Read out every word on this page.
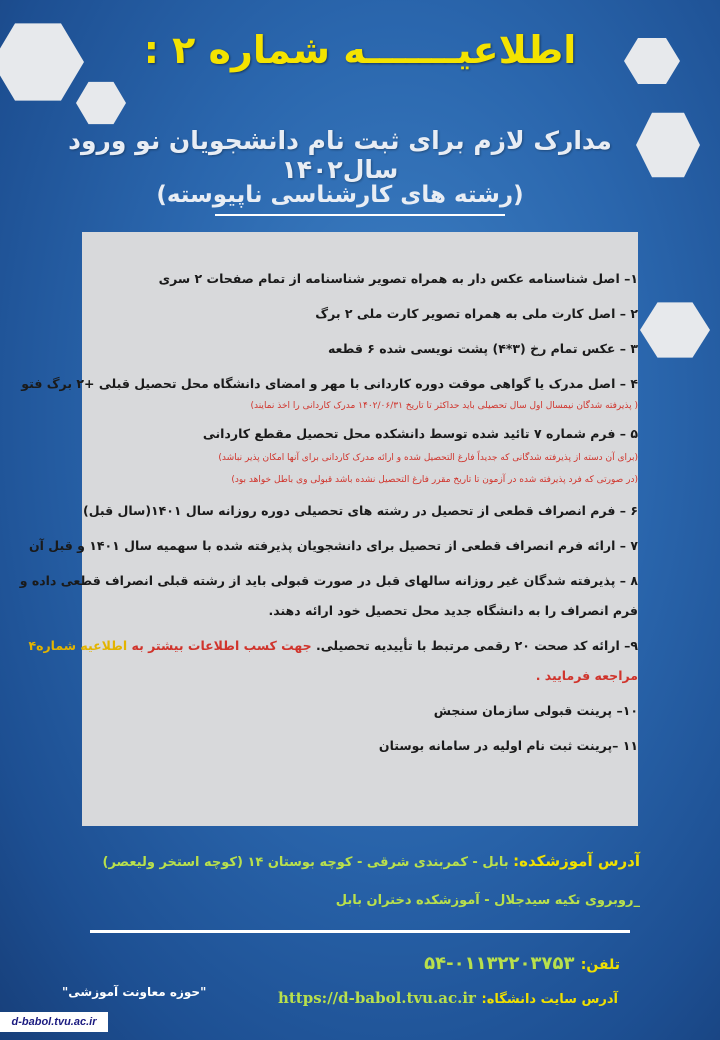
اطلاعیـــــــه شماره ۲ :
مدارک لازم برای ثبت نام دانشجویان نو ورود سال۱۴۰۲
(رشته های کارشناسی ناپیوسته)
۱– اصل شناسنامه عکس دار به همراه تصویر شناسنامه از تمام صفحات ۲ سری
۲ – اصل کارت ملی به همراه تصویر کارت ملی ۲ برگ
۳ – عکس تمام رخ (۳*۴) پشت نویسی شده ۶ قطعه
۴ – اصل مدرک یا گواهی موقت دوره کاردانی با مهر و امضای دانشگاه محل تحصیل قبلی +۲ برگ فتو
( پذیرفته شدگان نیمسال اول سال تحصیلی باید حداکثر تا تاریخ ۱۴۰۲/۰۶/۳۱ مدرک کاردانی را اخذ نمایند)
۵ – فرم شماره ۷ تائید شده توسط دانشکده محل تحصیل مقطع کاردانی
(برای آن دسته از پذیرفته شدگانی که جدیداً فارغ التحصیل شده و ارائه مدرک کاردانی برای آنها امکان پذیر نباشد)
(در صورتی که فرد پذیرفته شده در آزمون تا تاریخ مقرر فارغ التحصیل نشده باشد قبولی وی باطل خواهد بود)
۶ – فرم انصراف قطعی از تحصیل در رشته های تحصیلی دوره روزانه سال ۱۴۰۱(سال قبل)
۷ – ارائه فرم انصراف قطعی از تحصیل برای دانشجویان پذیرفته شده با سهمیه سال ۱۴۰۱ و قبل آن
۸ – پذیرفته شدگان غیر روزانه سالهای قبل در صورت قبولی باید از رشته قبلی انصراف قطعی داده و
فرم انصراف را به دانشگاه جدید محل تحصیل خود ارائه دهند.
۹– ارائه کد صحت ۲۰ رقمی مرتبط با تأییدیه تحصیلی. جهت کسب اطلاعات بیشتر به اطلاعیه شماره۴
مراجعه فرمایید .
۱۰– پرینت قبولی سازمان سنجش
۱۱ –پرینت ثبت نام اولیه در سامانه بوستان
آدرس آموزشکده: بابل - کمربندی شرقی - کوچه بوستان ۱۴ (کوچه استخر ولیعصر)
_روبروی تکیه سیدجلال - آموزشکده دختران بابل
تلفن: ۰۱۱۳۲۲۰۳۷۵۳-۵۴
"حوزه معاونت آموزشی"	آدرس سایت دانشگاه: https://d-babol.tvu.ac.ir
d-babol.tvu.ac.ir
